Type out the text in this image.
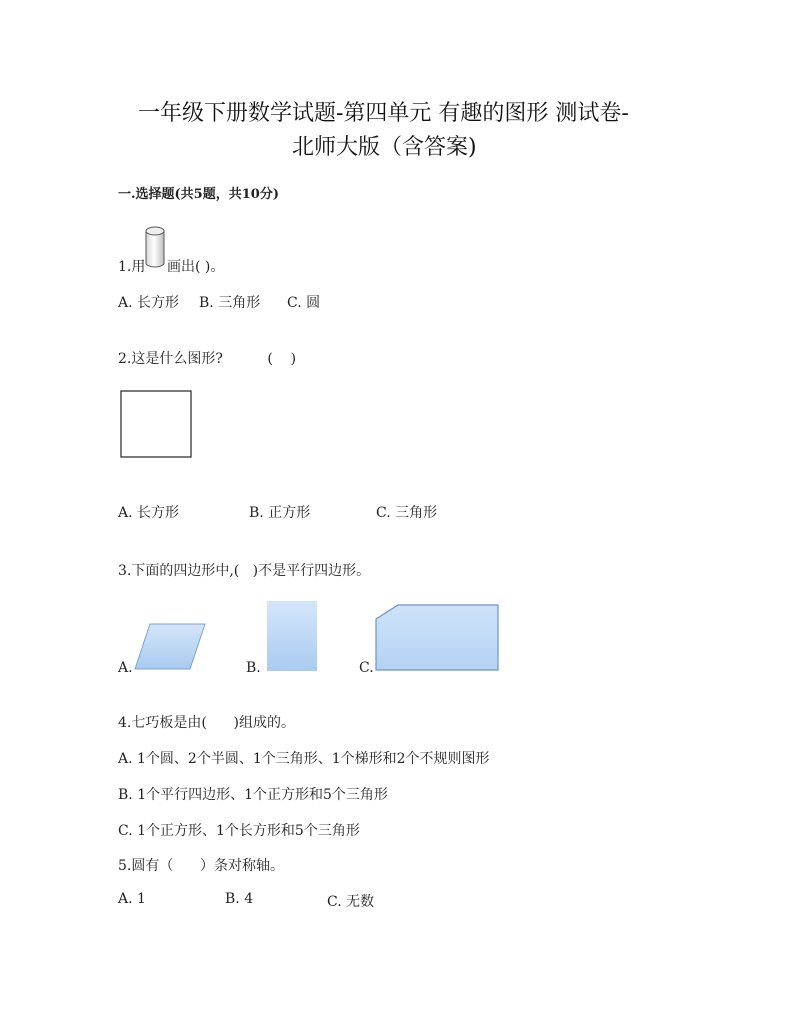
一年级下册数学试题-第四单元 有趣的图形 测试卷-
北师大版（含答案)
一.选择题(共5题，共10分)
1.用 画出( )。
A. 长方形 B. 三角形 C. 圆
2.这是什么图形?          (    )
A. 长方形	B. 正方形	C. 三角形
3.下面的四边形中,(   )不是平行四边形。
A.	B.	C.
4.七巧板是由(      )组成的。
A. 1个圆、2个半圆、1个三角形、1个梯形和2个不规则图形
B. 1个平行四边形、1个正方形和5个三角形
C. 1个正方形、1个长方形和5个三角形
5.圆有（      ）条对称轴。
A. 1	B. 4	C. 无数
